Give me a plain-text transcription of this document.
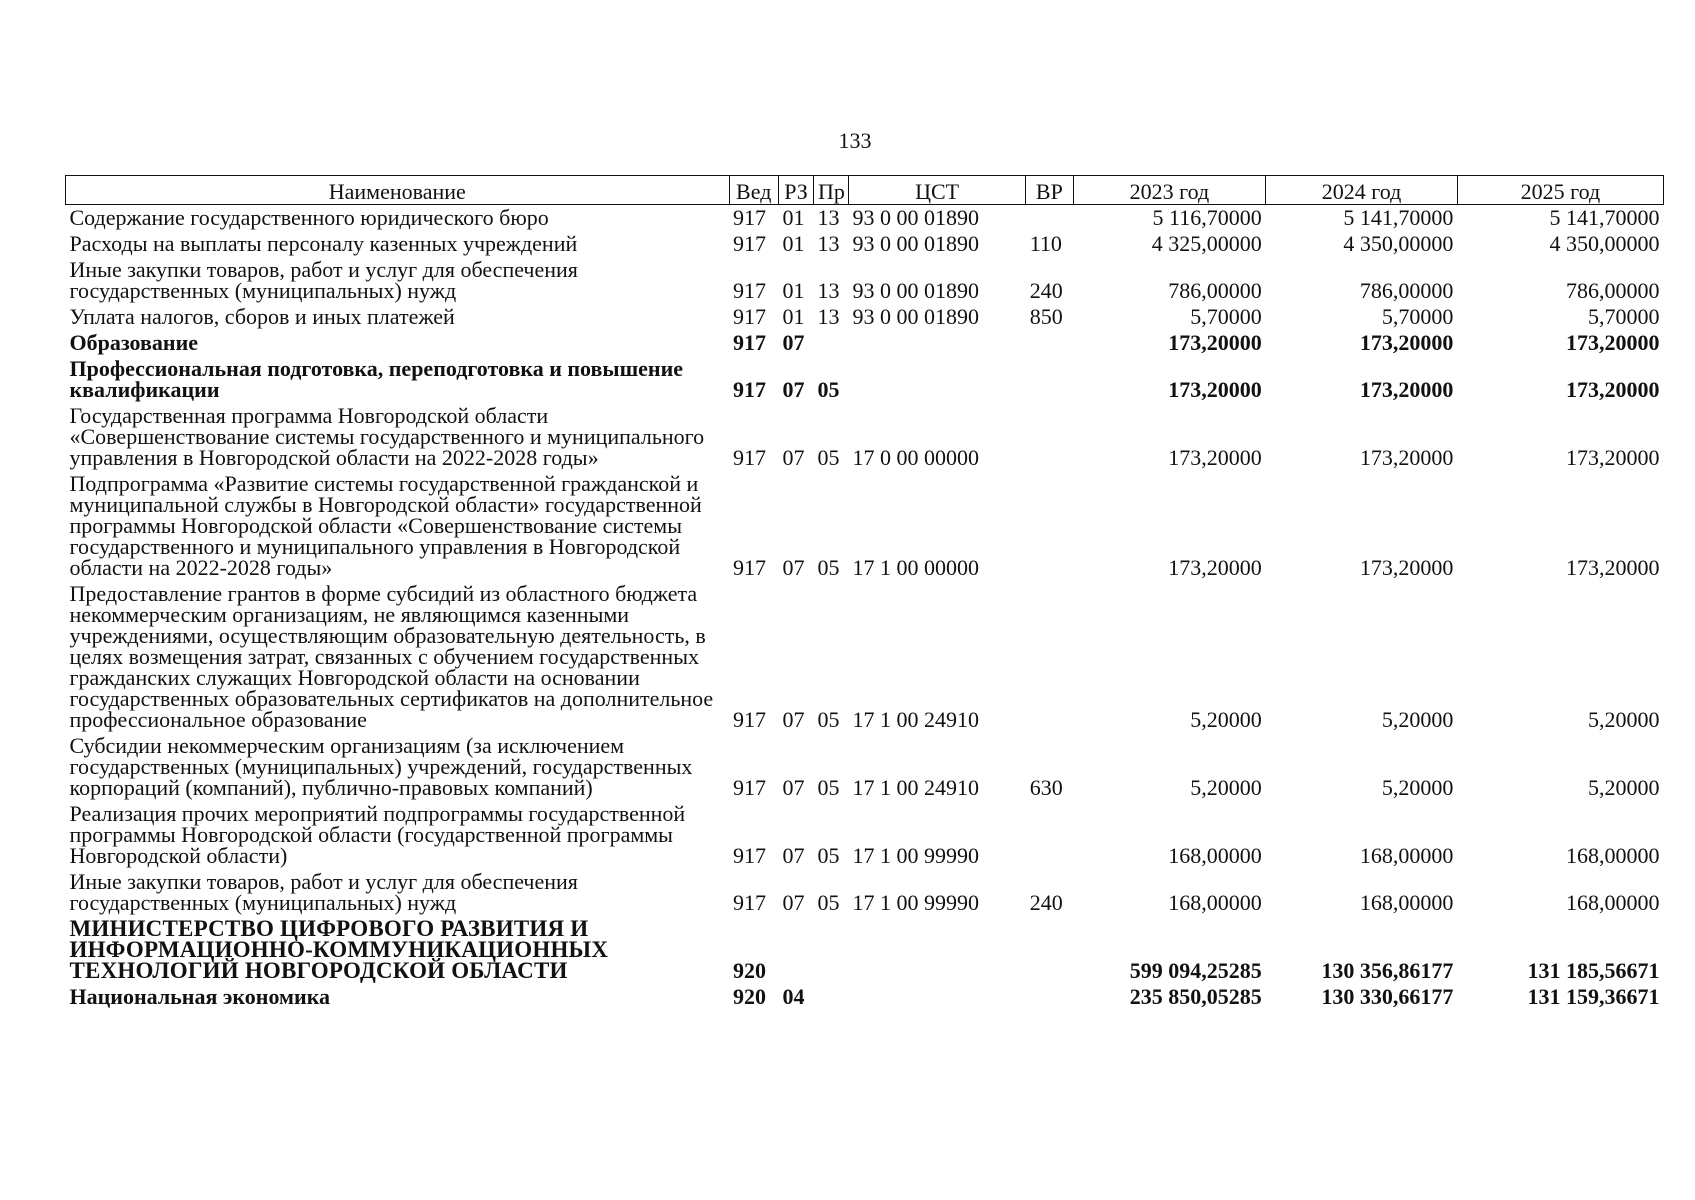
133
Наименование	Вед	РЗ	Пр	ЦСТ	ВР	2023 год	2024 год	2025 год
Содержание государственного юридического бюро	917	01	13	93 0 00 01890		5 116,70000	5 141,70000	5 141,70000
Расходы на выплаты персоналу казенных учреждений	917	01	13	93 0 00 01890	110	4 325,00000	4 350,00000	4 350,00000
Иные закупки товаров, работ и услуг для обеспечения государственных (муниципальных) нужд	917	01	13	93 0 00 01890	240	786,00000	786,00000	786,00000
Уплата налогов, сборов и иных платежей	917	01	13	93 0 00 01890	850	5,70000	5,70000	5,70000
Образование	917	07				173,20000	173,20000	173,20000
Профессиональная подготовка, переподготовка и повышение квалификации	917	07	05			173,20000	173,20000	173,20000
Государственная программа Новгородской области «Совершенствование системы государственного и муниципального управления в Новгородской области на 2022-2028 годы»	917	07	05	17 0 00 00000		173,20000	173,20000	173,20000
Подпрограмма «Развитие системы государственной гражданской и муниципальной службы в Новгородской области» государственной программы Новгородской области «Совершенствование системы государственного и муниципального управления в Новгородской области на 2022-2028 годы»	917	07	05	17 1 00 00000		173,20000	173,20000	173,20000
Предоставление грантов в форме субсидий из областного бюджета некоммерческим организациям, не являющимся казенными учреждениями, осуществляющим образовательную деятельность, в целях возмещения затрат, связанных с обучением государственных гражданских служащих Новгородской области на основании государственных образовательных сертификатов на дополнительное профессиональное образование	917	07	05	17 1 00 24910		5,20000	5,20000	5,20000
Субсидии некоммерческим организациям (за исключением государственных (муниципальных) учреждений, государственных корпораций (компаний), публично-правовых компаний)	917	07	05	17 1 00 24910	630	5,20000	5,20000	5,20000
Реализация прочих мероприятий подпрограммы государственной программы Новгородской области (государственной программы Новгородской области)	917	07	05	17 1 00 99990		168,00000	168,00000	168,00000
Иные закупки товаров, работ и услуг для обеспечения государственных (муниципальных) нужд	917	07	05	17 1 00 99990	240	168,00000	168,00000	168,00000
МИНИСТЕРСТВО ЦИФРОВОГО РАЗВИТИЯ И ИНФОРМАЦИОННО-КОММУНИКАЦИОННЫХ ТЕХНОЛОГИЙ НОВГОРОДСКОЙ ОБЛАСТИ	920					599 094,25285	130 356,86177	131 185,56671
Национальная экономика	920	04				235 850,05285	130 330,66177	131 159,36671
